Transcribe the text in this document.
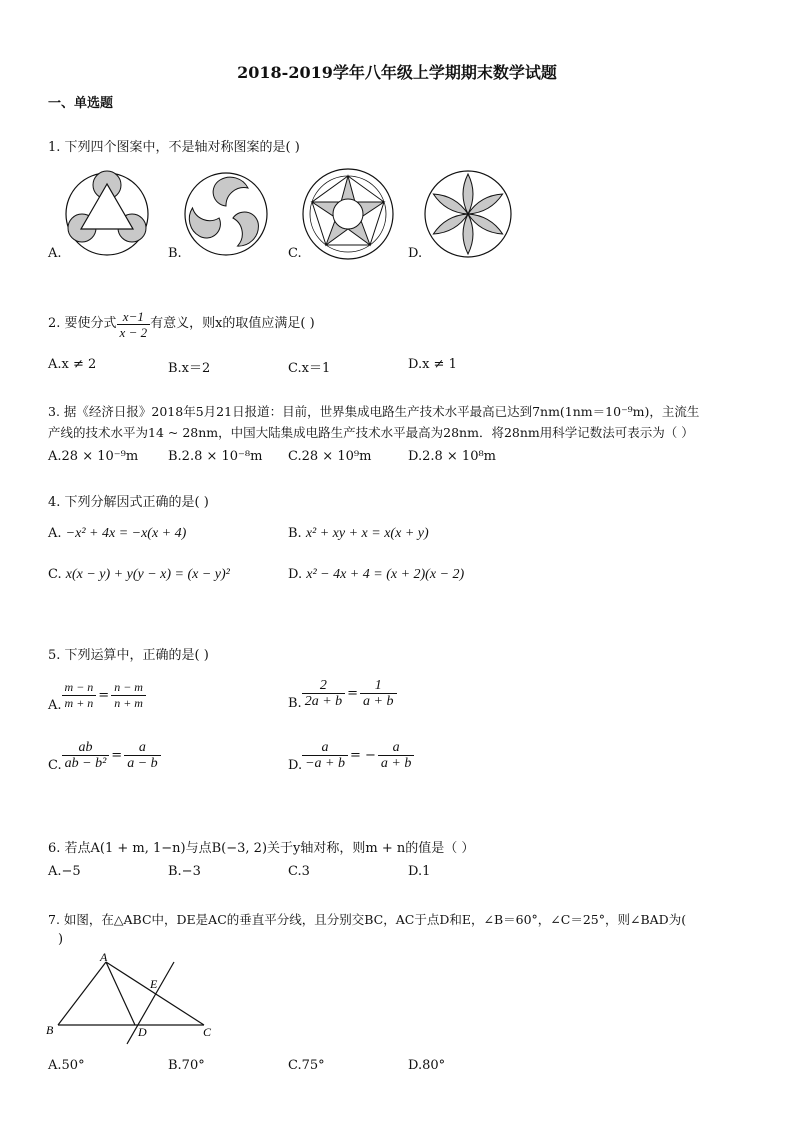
2018-2019学年八年级上学期期末数学试题
一、单选题
1. 下列四个图案中，不是轴对称图案的是( )
A.	B.	C.	D.
2. 要使分式 $\frac{x-1}{x - 2}$ 有意义，则x的取值应满足( )
A.x ≠ 2	B.x＝2	C.x＝1	D.x ≠ 1
3. 据《经济日报》2018年5月21日报道：目前，世界集成电路生产技术水平最高已达到7nm(1nm＝10⁻⁹m)，主流生
产线的技术水平为14 ~ 28nm，中国大陆集成电路生产技术水平最高为28nm．将28nm用科学记数法可表示为（ ）
A.28 × 10⁻⁹m B.2.8 × 10⁻⁸m C.28 × 10⁹m	D.2.8 × 10⁸m
4. 下列分解因式正确的是( )
A. −x² + 4x = −x(x + 4)	B. x² + xy + x = x(x + y)
C. x(x − y) + y(y − x) = (x − y)²	D. x² − 4x + 4 = (x + 2)(x − 2)
5. 下列运算中，正确的是( )
A. $\frac{m - n}{m + n} = \frac{n - m}{n + m}$	B. $\frac{2}{2a + b} = \frac{1}{a + b}$
C. $\frac{ab}{\text{ab − b²}} = \frac{a}{a - b}$	D. $\frac{a}{-a + b}$ = − $\frac{a}{a + b}$
6. 若点A(1 + m, 1−n)与点B(−3, 2)关于y轴对称，则m + n的值是（ ）
A.−5	B.−3	C.3	D.1
7. 如图，在△ABC中，DE是AC的垂直平分线，且分别交BC，AC于点D和E，∠B＝60°，∠C＝25°，则∠BAD为(
)
A
B	C
D
E
A.50°	B.70°	C.75°	D.80°
